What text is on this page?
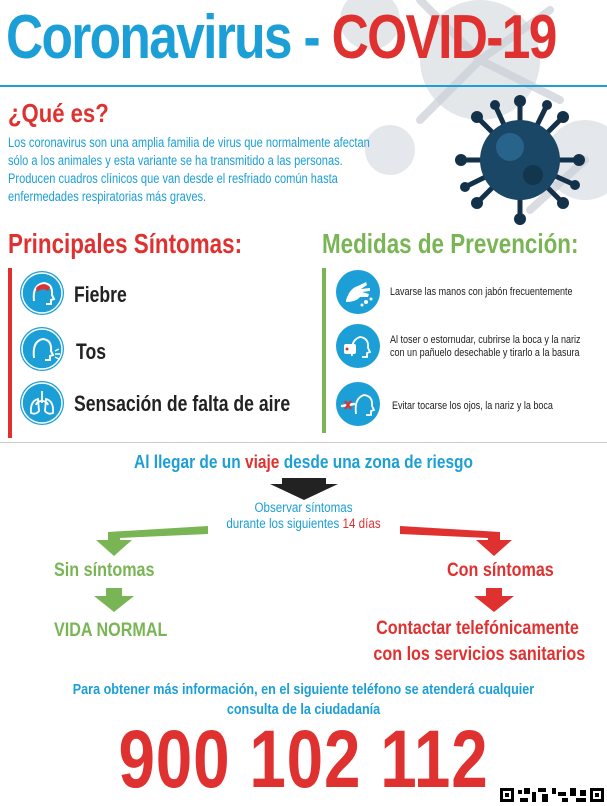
Coronavirus - COVID-19
¿Qué es?
Los coronavirus son una amplia familia de virus que normalmente afectan
sólo a los animales y esta variante se ha transmitido a las personas.
Producen cuadros clínicos que van desde el resfriado común hasta
enfermedades respiratorias más graves.
Principales Síntomas:	Medidas de Prevención:
Fiebre
Tos
Sensación de falta de aire
Lavarse las manos con jabón frecuentemente
Al toser o estornudar, cubrirse la boca y la nariz
con un pañuelo desechable y tirarlo a la basura
Evitar tocarse los ojos, la nariz y la boca
Al llegar de un viaje desde una zona de riesgo
Observar síntomas
durante los siguientes 14 días
Sin síntomas	Con síntomas
VIDA NORMAL	Contactar telefónicamente
con los servicios sanitarios
Para obtener más información, en el siguiente teléfono se atenderá cualquier
consulta de la ciudadanía
900 102 112
